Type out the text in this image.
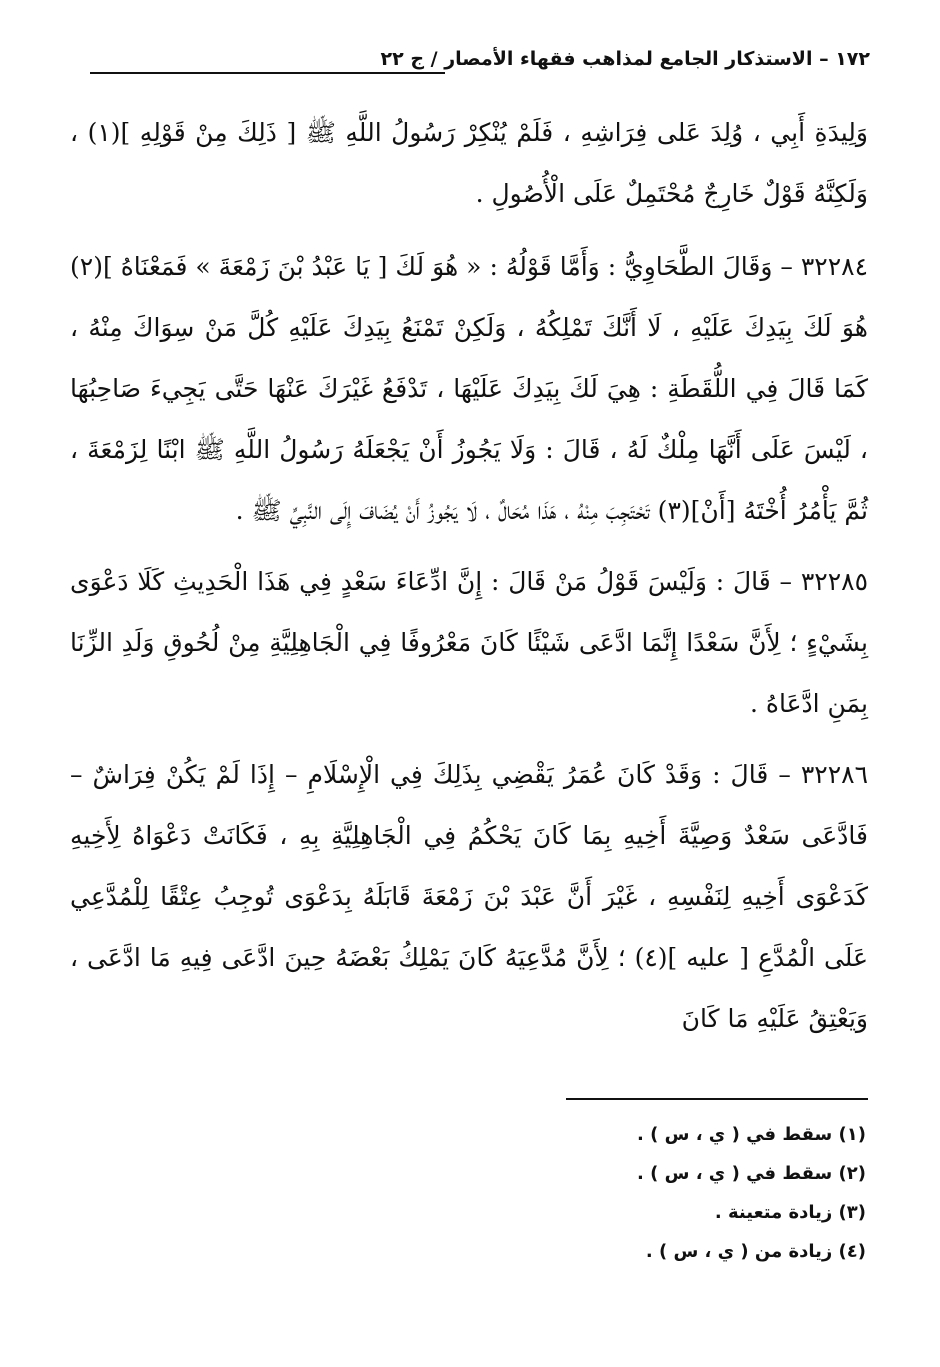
١٧٢ – الاستذكار الجامع لمذاهب فقهاء الأمصار / ج ٢٢

وَلِيدَةِ أَبِي ، وُلِدَ عَلى فِرَاشِهِ ، فَلَمْ يُنْكِرْ رَسُولُ اللَّهِ ﷺ [ ذَلِكَ مِنْ قَوْلِهِ ](١) ، وَلَكِنَّهُ قَوْلٌ خَارِجٌ مُحْتَمِلٌ عَلَى الْأُصُولِ .

٣٢٢٨٤ – وَقَالَ الطَّحَاوِيُّ : وَأَمَّا قَوْلُهُ : « هُوَ لَكَ [ يَا عَبْدُ بْنَ زَمْعَةَ » فَمَعْنَاهُ ](٢) هُوَ لَكَ بِيَدِكَ عَلَيْهِ ، لَا أَنَّكَ تَمْلِكُهُ ، وَلَكِنْ تَمْنَعُ بِيَدِكَ عَلَيْهِ كُلَّ مَنْ سِوَاكَ مِنْهُ ، كَمَا قَالَ فِي اللُّقَطَةِ : هِيَ لَكَ بِيَدِكَ عَلَيْهَا ، تَدْفَعُ غَيْرَكَ عَنْهَا حَتَّى يَجِيءَ صَاحِبُهَا ، لَيْسَ عَلَى أَنَّهَا مِلْكٌ لَهُ ، قَالَ : وَلَا يَجُوزُ أَنْ يَجْعَلَهُ رَسُولُ اللَّهِ ﷺ ابْنًا لِزَمْعَةَ ، ثُمَّ يَأْمُرُ أُخْتَهُ [أَنْ](٣) تَحْتَجِبَ مِنْهُ ، هَذَا مُحَالٌ ، لَا يَجُوزُ أَنْ يُضَافَ إِلَى النَّبِيِّ ﷺ .

٣٢٢٨٥ – قَالَ : وَلَيْسَ قَوْلُ مَنْ قَالَ : إِنَّ ادِّعَاءَ سَعْدٍ فِي هَذَا الْحَدِيثِ كَلَا دَعْوَى بِشَيْءٍ ؛ لِأَنَّ سَعْدًا إِنَّمَا ادَّعَى شَيْئًا كَانَ مَعْرُوفًا فِي الْجَاهِلِيَّةِ مِنْ لُحُوقِ وَلَدِ الزِّنَا بِمَنِ ادَّعَاهُ .

٣٢٢٨٦ – قَالَ : وَقَدْ كَانَ عُمَرُ يَقْضِي بِذَلِكَ فِي الْإِسْلَامِ – إِذَا لَمْ يَكُنْ فِرَاشٌ – فَادَّعَى سَعْدٌ وَصِيَّةَ أَخِيهِ بِمَا كَانَ يَحْكُمُ فِي الْجَاهِلِيَّةِ بِهِ ، فَكَانَتْ دَعْوَاهُ لِأَخِيهِ كَدَعْوَى أَخِيهِ لِنَفْسِهِ ، غَيْرَ أَنَّ عَبْدَ بْنَ زَمْعَةَ قَابَلَهُ بِدَعْوَى تُوجِبُ عِتْقًا لِلْمُدَّعِي عَلَى الْمُدَّعِ [ عليه ](٤) ؛ لِأَنَّ مُدَّعِيَهُ كَانَ يَمْلِكُ بَعْضَهُ حِينَ ادَّعَى فِيهِ مَا ادَّعَى ، وَيَعْتِقُ عَلَيْهِ مَا كَانَ

(١) سقط في ( ي ، س ) .
(٢) سقط في ( ي ، س ) .
(٣) زيادة متعينة .
(٤) زيادة من ( ي ، س ) .
